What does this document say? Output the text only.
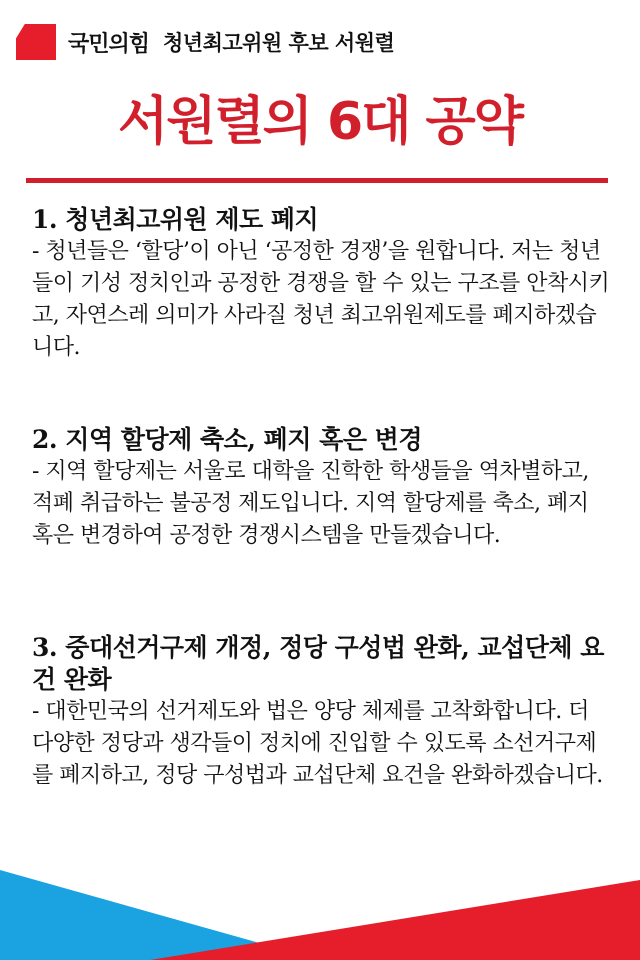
국민의힘 청년최고위원 후보 서원렬
서원렬의 6대 공약
1. 청년최고위원 제도 폐지
- 청년들은 ‘할당’이 아닌 ‘공정한 경쟁’을 원합니다. 저는 청년들이 기성 정치인과 공정한 경쟁을 할 수 있는 구조를 안착시키고, 자연스레 의미가 사라질 청년 최고위원제도를 폐지하겠습니다.
2. 지역 할당제 축소, 폐지 혹은 변경
- 지역 할당제는 서울로 대학을 진학한 학생들을 역차별하고, 적폐 취급하는 불공정 제도입니다. 지역 할당제를 축소, 폐지 혹은 변경하여 공정한 경쟁시스템을 만들겠습니다.
3. 중대선거구제 개정, 정당 구성법 완화, 교섭단체 요건 완화
- 대한민국의 선거제도와 법은 양당 체제를 고착화합니다. 더 다양한 정당과 생각들이 정치에 진입할 수 있도록 소선거구제를 폐지하고, 정당 구성법과 교섭단체 요건을 완화하겠습니다.
